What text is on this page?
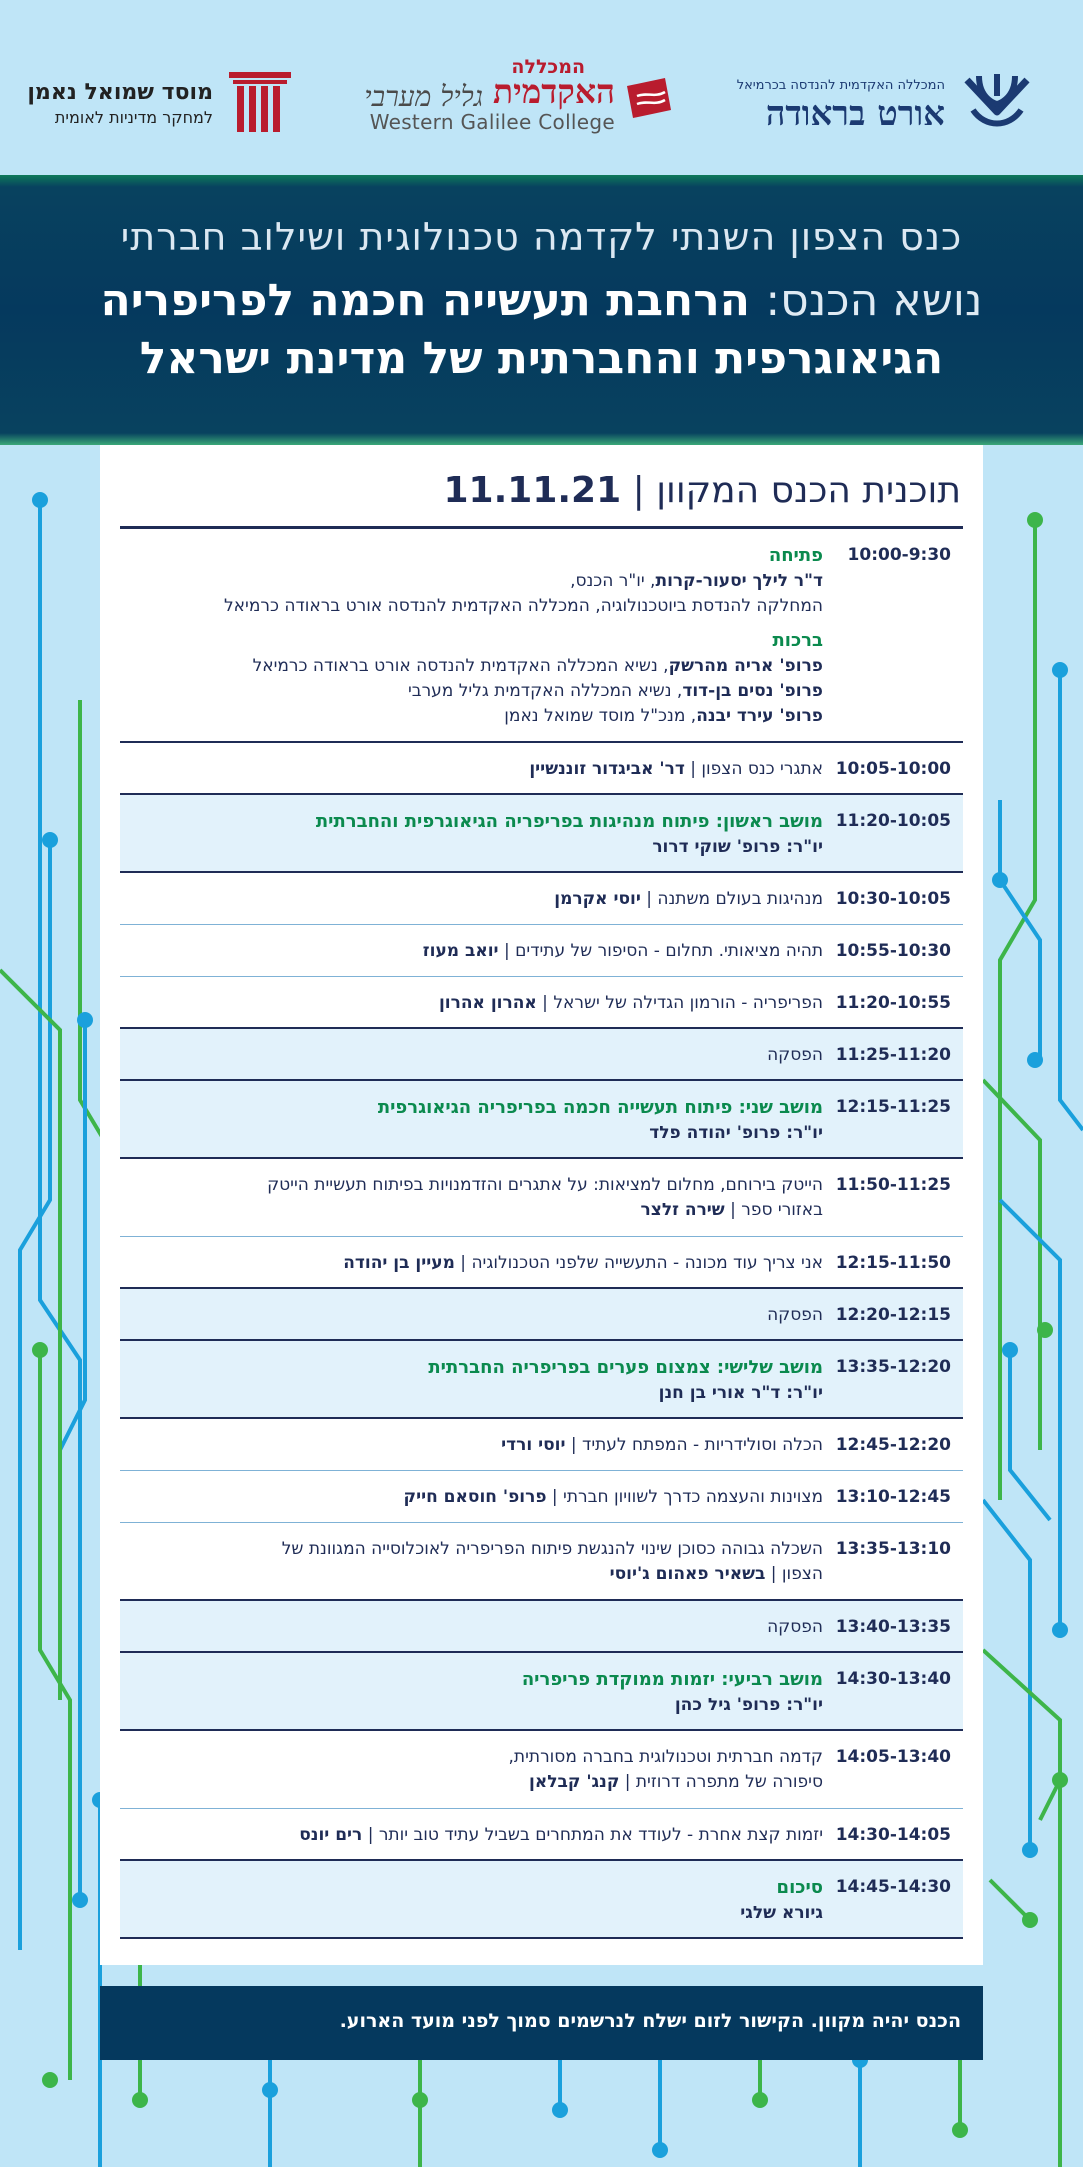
המכללה האקדמית להנדסה בכרמיאל
אורט בראודה
המכללה
האקדמית
גליל מערבי
Western Galilee College
מוסד שמואל נאמן
למחקר מדיניות לאומית
כנס הצפון השנתי לקדמה טכנולוגית ושילוב חברתי
נושא הכנס: הרחבת תעשייה חכמה לפריפריה
הגיאוגרפית והחברתית של מדינת ישראל
תוכנית הכנס המקוון | 11.11.21
10:00-9:30
פתיחה
ד"ר לילך יסעור-קרות, יו"ר הכנס,
המחלקה להנדסת ביוטכנולוגיה, המכללה האקדמית להנדסה אורט בראודה כרמיאל
ברכות
פרופ' אריה מהרשק, נשיא המכללה האקדמית להנדסה אורט בראודה כרמיאל
פרופ' נסים בן-דוד, נשיא המכללה האקדמית גליל מערבי
פרופ' עירד יבנה, מנכ"ל מוסד שמואל נאמן
10:05-10:00
אתגרי כנס הצפון | דר' אביגדור זוננשיין
11:20-10:05
מושב ראשון: פיתוח מנהיגות בפריפריה הגיאוגרפית והחברתית
יו"ר: פרופ' שוקי דרור
10:30-10:05
מנהיגות בעולם משתנה | יוסי אקרמן
10:55-10:30
תהיה מציאותי. תחלום - הסיפור של עתידים | יואב מעוז
11:20-10:55
הפריפריה - הורמון הגדילה של ישראל | אהרון אהרון
11:25-11:20
הפסקה
12:15-11:25
מושב שני: פיתוח תעשייה חכמה בפריפריה הגיאוגרפית
יו"ר: פרופ' יהודה פלד
11:50-11:25
הייטק בירוחם, מחלום למציאות: על אתגרים והזדמנויות בפיתוח תעשיית הייטק
באזורי ספר | שירה זלצר
12:15-11:50
אני צריך עוד מכונה - התעשייה שלפני הטכנולוגיה | מעיין בן יהודה
12:20-12:15
הפסקה
13:35-12:20
מושב שלישי: צמצום פערים בפריפריה החברתית
יו"ר: ד"ר אורי בן חנן
12:45-12:20
הכלה וסולידריות - המפתח לעתיד | יוסי ורדי
13:10-12:45
מצוינות והעצמה כדרך לשוויון חברתי | פרופ' חוסאם חייק
13:35-13:10
השכלה גבוהה כסוכן שינוי להנגשת פיתוח הפריפריה לאוכלוסייה המגוונת של
הצפון | בשאיר פאהום ג'יוסי
13:40-13:35
הפסקה
14:30-13:40
מושב רביעי: יזמות ממוקדת פריפריה
יו"ר: פרופ' גיל כהן
14:05-13:40
קדמה חברתית וטכנולוגית בחברה מסורתית,
סיפורה של מתפרה דרוזית | קנג' קבלאן
14:30-14:05
יזמות קצת אחרת - לעודד את המתחרים בשביל עתיד טוב יותר | רים יונס
14:45-14:30
סיכום
גיורא שלגי
הכנס יהיה מקוון. הקישור לזום ישלח לנרשמים סמוך לפני מועד הארוע.
